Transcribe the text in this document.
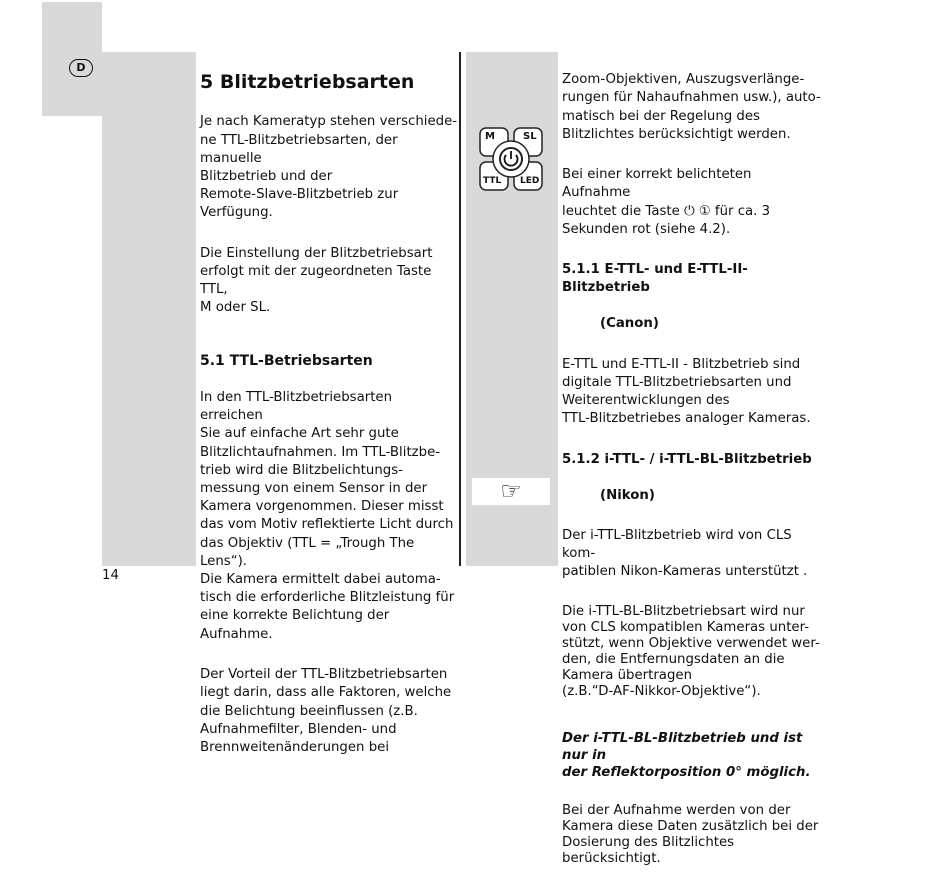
D
14

5 Blitzbetriebsarten

Je nach Kameratyp stehen verschiede-
ne TTL-Blitzbetriebsarten, der manuelle
Blitzbetrieb und der
Remote-Slave-Blitzbetrieb zur
Verfügung.

Die Einstellung der Blitzbetriebsart
erfolgt mit der zugeordneten Taste TTL,
M oder SL.

5.1 TTL-Betriebsarten

In den TTL-Blitzbetriebsarten erreichen
Sie auf einfache Art sehr gute
Blitzlichtaufnahmen. Im TTL-Blitzbe-
trieb wird die Blitzbelichtungs-
messung von einem Sensor in der
Kamera vorgenommen. Dieser misst
das vom Motiv reflektierte Licht durch
das Objektiv (TTL = „Trough The Lens“).
Die Kamera ermittelt dabei automa-
tisch die erforderliche Blitzleistung für
eine korrekte Belichtung der
Aufnahme.

Der Vorteil der TTL-Blitzbetriebsarten
liegt darin, dass alle Faktoren, welche
die Belichtung beeinflussen (z.B.
Aufnahmefilter, Blenden- und
Brennweitenänderungen bei

M	SL
TTL LED
☞

Zoom-Objektiven, Auszugsverlänge-
rungen für Nahaufnahmen usw.), auto-
matisch bei der Regelung des
Blitzlichtes berücksichtigt werden.

Bei einer korrekt belichteten Aufnahme
leuchtet die Taste ⏻ ① für ca. 3
Sekunden rot (siehe 4.2).

5.1.1 E-TTL- und E-TTL-II-Blitzbetrieb

(Canon)

E-TTL und E-TTL-II - Blitzbetrieb sind
digitale TTL-Blitzbetriebsarten und
Weiterentwicklungen des
TTL-Blitzbetriebes analoger Kameras.

5.1.2 i-TTL- / i-TTL-BL-Blitzbetrieb

(Nikon)

Der i-TTL-Blitzbetrieb wird von CLS kom-
patiblen Nikon-Kameras unterstützt .

Die i-TTL-BL-Blitzbetriebsart wird nur
von CLS kompatiblen Kameras unter-
stützt, wenn Objektive verwendet wer-
den, die Entfernungsdaten an die
Kamera übertragen
(z.B.“D-AF-Nikkor-Objektive“).

Der i-TTL-BL-Blitzbetrieb und ist nur in
der Reflektorposition 0° möglich.

Bei der Aufnahme werden von der
Kamera diese Daten zusätzlich bei der
Dosierung des Blitzlichtes berücksichtigt.
